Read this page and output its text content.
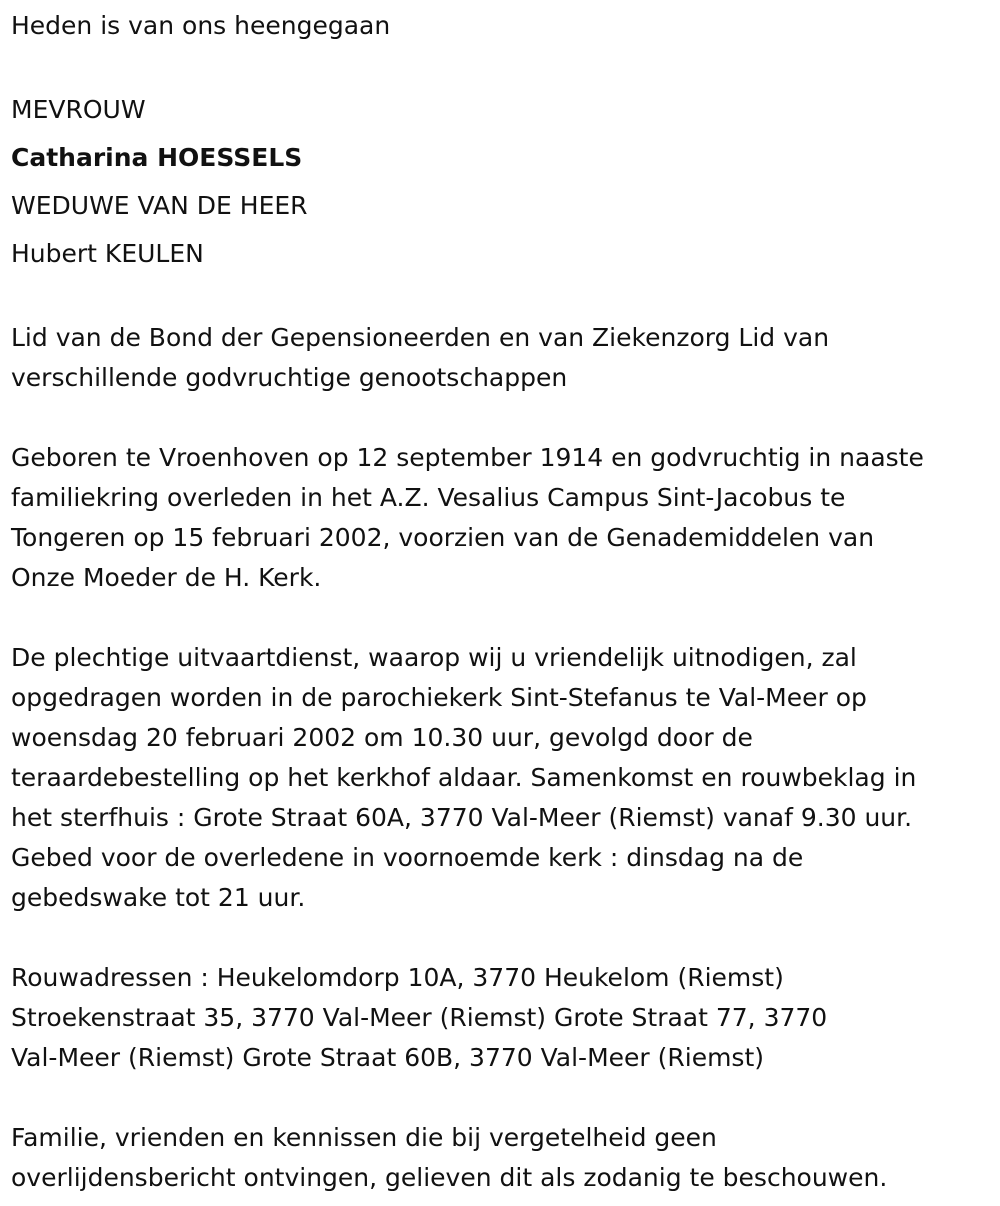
Heden is van ons heengegaan

MEVROUW

Catharina HOESSELS

WEDUWE VAN DE HEER

Hubert KEULEN

Lid van de Bond der Gepensioneerden en van Ziekenzorg Lid van

verschillende godvruchtige genootschappen

Geboren te Vroenhoven op 12 september 1914 en godvruchtig in naaste

familiekring overleden in het A.Z. Vesalius Campus Sint-Jacobus te

Tongeren op 15 februari 2002, voorzien van de Genademiddelen van

Onze Moeder de H. Kerk.

De plechtige uitvaartdienst, waarop wij u vriendelijk uitnodigen, zal

opgedragen worden in de parochiekerk Sint-Stefanus te Val-Meer op

woensdag 20 februari 2002 om 10.30 uur, gevolgd door de

teraardebestelling op het kerkhof aldaar. Samenkomst en rouwbeklag in

het sterfhuis : Grote Straat 60A, 3770 Val-Meer (Riemst) vanaf 9.30 uur.

Gebed voor de overledene in voornoemde kerk : dinsdag na de

gebedswake tot 21 uur.

Rouwadressen : Heukelomdorp 10A, 3770 Heukelom (Riemst)

Stroekenstraat 35, 3770 Val-Meer (Riemst) Grote Straat 77, 3770

Val-Meer (Riemst) Grote Straat 60B, 3770 Val-Meer (Riemst)

Familie, vrienden en kennissen die bij vergetelheid geen

overlijdensbericht ontvingen, gelieven dit als zodanig te beschouwen.
